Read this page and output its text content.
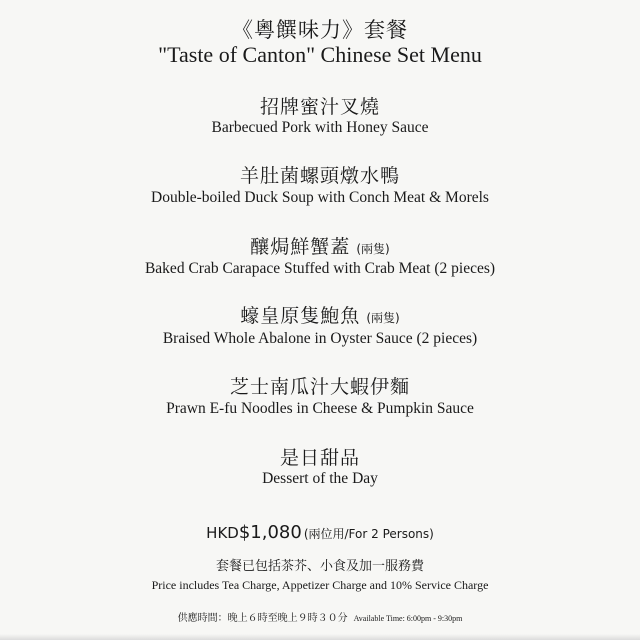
《粵饌味力》套餐
"Taste of Canton" Chinese Set Menu
招牌蜜汁叉燒
Barbecued Pork with Honey Sauce
羊肚菌螺頭燉水鴨
Double-boiled Duck Soup with Conch Meat & Morels
釀焗鮮蟹蓋 (兩隻)
Baked Crab Carapace Stuffed with Crab Meat (2 pieces)
蠔皇原隻鮑魚 (兩隻)
Braised Whole Abalone in Oyster Sauce (2 pieces)
芝士南瓜汁大蝦伊麵
Prawn E-fu Noodles in Cheese & Pumpkin Sauce
是日甜品
Dessert of the Day
HKD$1,080 (兩位用/For 2 Persons)
套餐已包括茶芥、小食及加一服務費
Price includes Tea Charge, Appetizer Charge and 10% Service Charge
供應時間：晚上６時至晚上９時３０分 Available Time: 6:00pm - 9:30pm
